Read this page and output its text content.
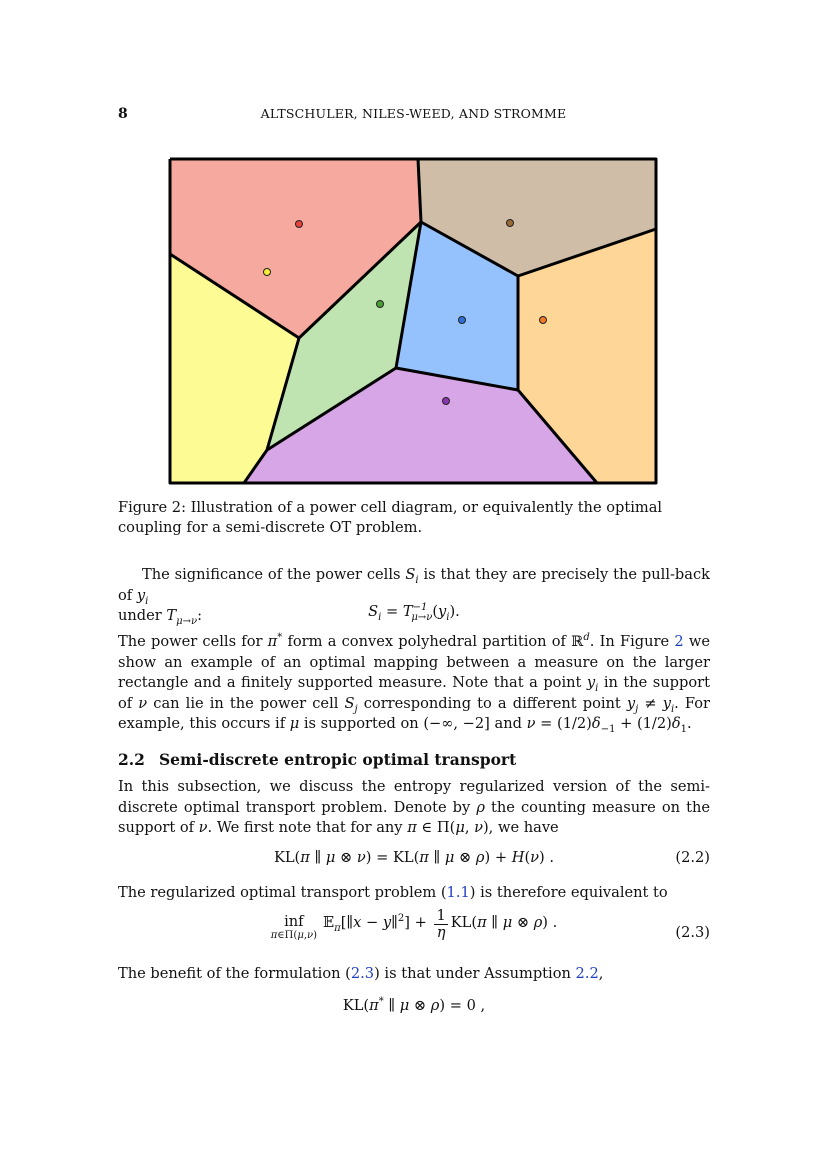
8	ALTSCHULER, NILES-WEED, AND STROMME
Figure 2: Illustration of a power cell diagram, or equivalently the optimal coupling for a semi-discrete OT problem.
The significance of the power cells $S_i$ is that they are precisely the pull-back of $y_i$
under $T_{\mu\to\nu}$:	$S_i = T^{-1}_{\mu\to\nu}(y_i)$.
The power cells for π* form a convex polyhedral partition of ℝ$^d$. In Figure 2 we show an example of an optimal mapping between a measure on the larger rectangle and a finitely supported measure. Note that a point $y_i$ in the support of ν can lie in the power cell $S_j$ corresponding to a different point $y_j \ne y_i$. For example, this occurs if μ is supported on (−∞, −2] and $\nu = (1/2)\delta_{-1} + (1/2)\delta_1$.
2.2 Semi-discrete entropic optimal transport
In this subsection, we discuss the entropy regularized version of the semi-discrete optimal transport problem. Denote by ρ the counting measure on the support of ν. We first note that for any π ∈ Π(μ, ν), we have
KL(π ∥ μ ⊗ ν) = KL(π ∥ μ ⊗ ρ) + H(ν) .	(2.2)
The regularized optimal transport problem (1.1) is therefore equivalent to
inf
π∈Π(μ,ν)
𝔼$_\pi$[∥x − y∥$^2$] + $\frac{1}{\eta} KL(\pi$ ∥ μ ⊗ ρ) .
(2.3)
The benefit of the formulation (2.3) is that under Assumption 2.2,
KL(π* ∥ μ ⊗ ρ) = 0 ,
